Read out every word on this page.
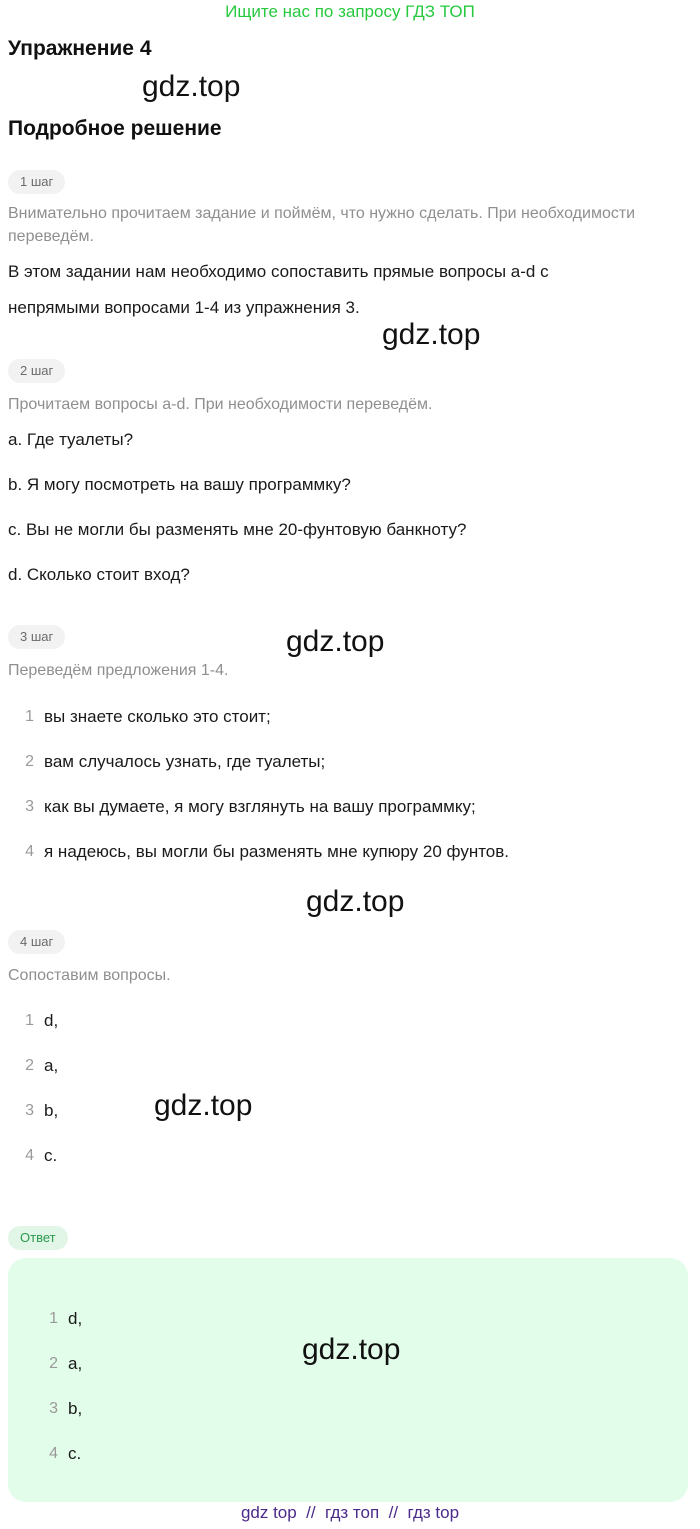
Ищите нас по запросу ГДЗ ТОП
Упражнение 4
gdz.top
Подробное решение
1 шаг
Внимательно прочитаем задание и поймём, что нужно сделать. При необходимости переведём.
В этом задании нам необходимо сопоставить прямые вопросы a-d с
непрямыми вопросами 1-4 из упражнения 3.
gdz.top
2 шаг
Прочитаем вопросы a-d. При необходимости переведём.
a. Где туалеты?
b. Я могу посмотреть на вашу программку?
c. Вы не могли бы разменять мне 20-фунтовую банкноту?
d. Сколько стоит вход?
3 шаг	gdz.top
Переведём предложения 1-4.
1 вы знаете сколько это стоит;
2 вам случалось узнать, где туалеты;
3 как вы думаете, я могу взглянуть на вашу программку;
4 я надеюсь, вы могли бы разменять мне купюру 20 фунтов.
gdz.top
4 шаг
Сопоставим вопросы.
1 d,
2 a,
3 b,	gdz.top
4 c.
Ответ
1 d,
2 a,
3 b,
4 c.
gdz.top
gdz top  //  гдз топ  //  гдз top
